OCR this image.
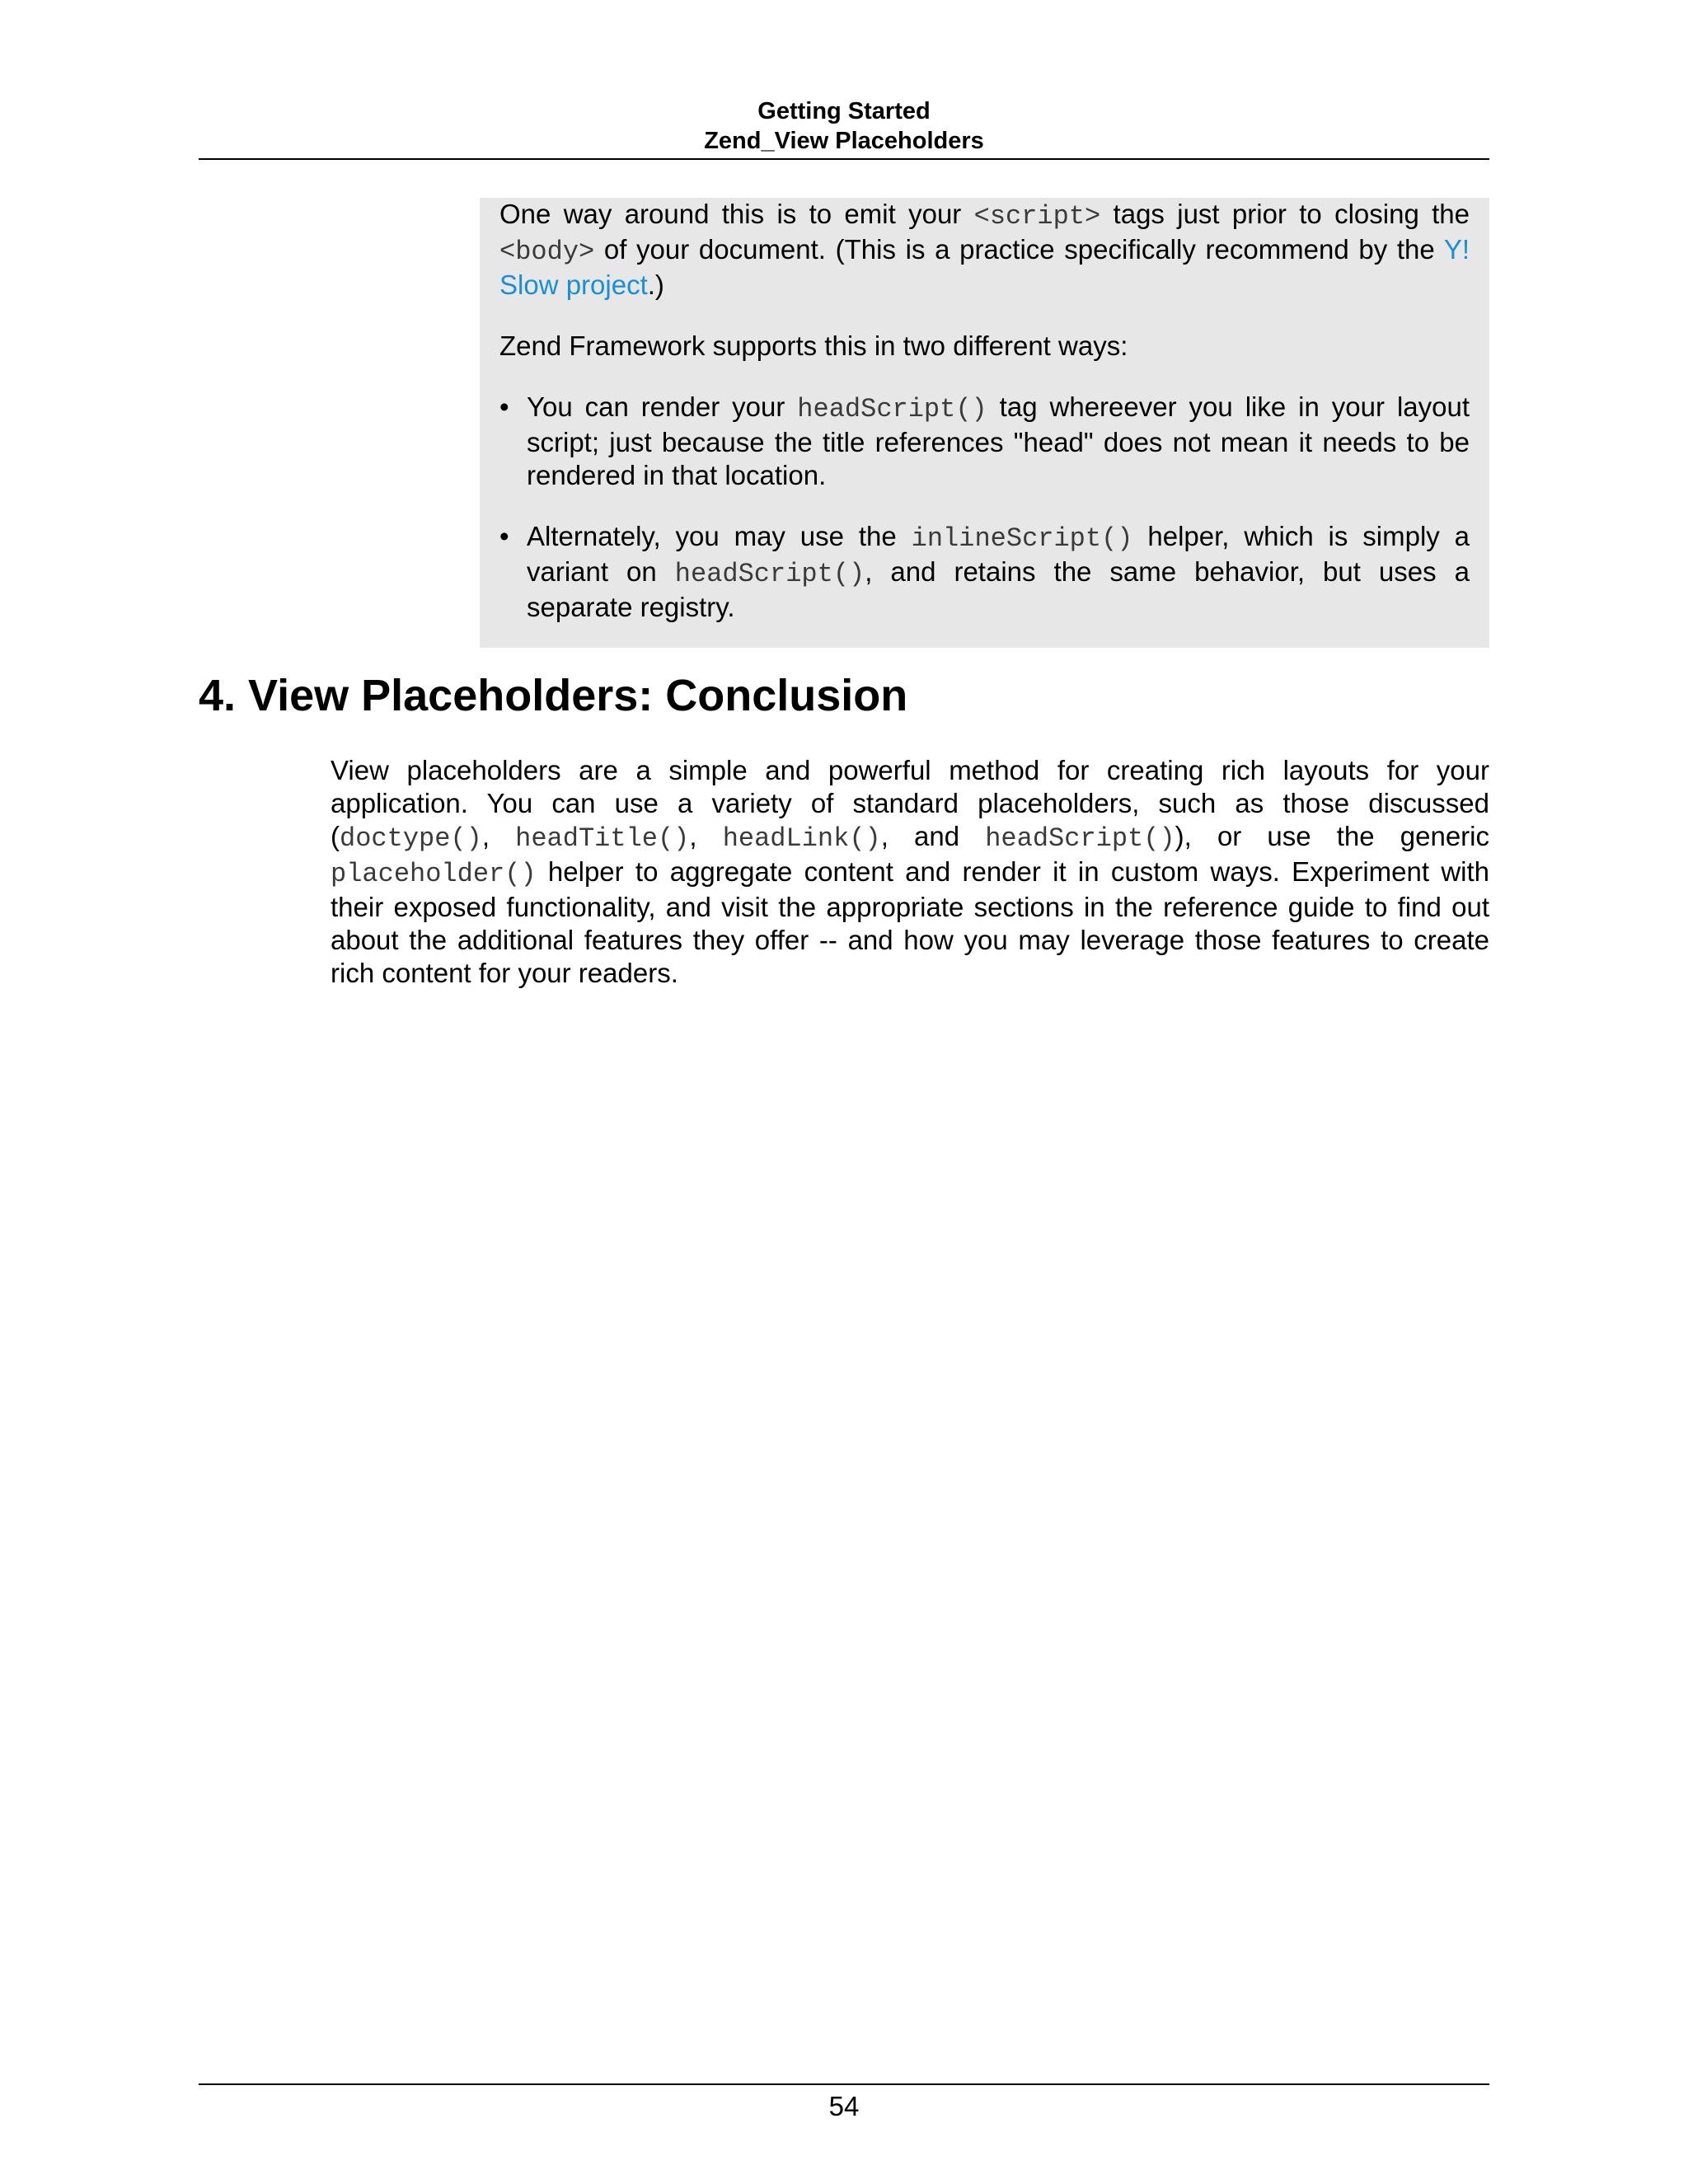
Getting Started
Zend_View Placeholders

One way around this is to emit your <script> tags just prior to closing the <body> of your document. (This is a practice specifically recommend by the Y! Slow project.)

Zend Framework supports this in two different ways:

• You can render your headScript() tag whereever you like in your layout script; just because the title references "head" does not mean it needs to be rendered in that location.
• Alternately, you may use the inlineScript() helper, which is simply a variant on headScript(), and retains the same behavior, but uses a separate registry.
4. View Placeholders: Conclusion

View placeholders are a simple and powerful method for creating rich layouts for your application. You can use a variety of standard placeholders, such as those discussed (doctype(), headTitle(), headLink(), and headScript()), or use the generic placeholder() helper to aggregate content and render it in custom ways. Experiment with their exposed functionality, and visit the appropriate sections in the reference guide to find out about the additional features they offer -- and how you may leverage those features to create rich content for your readers.

54
